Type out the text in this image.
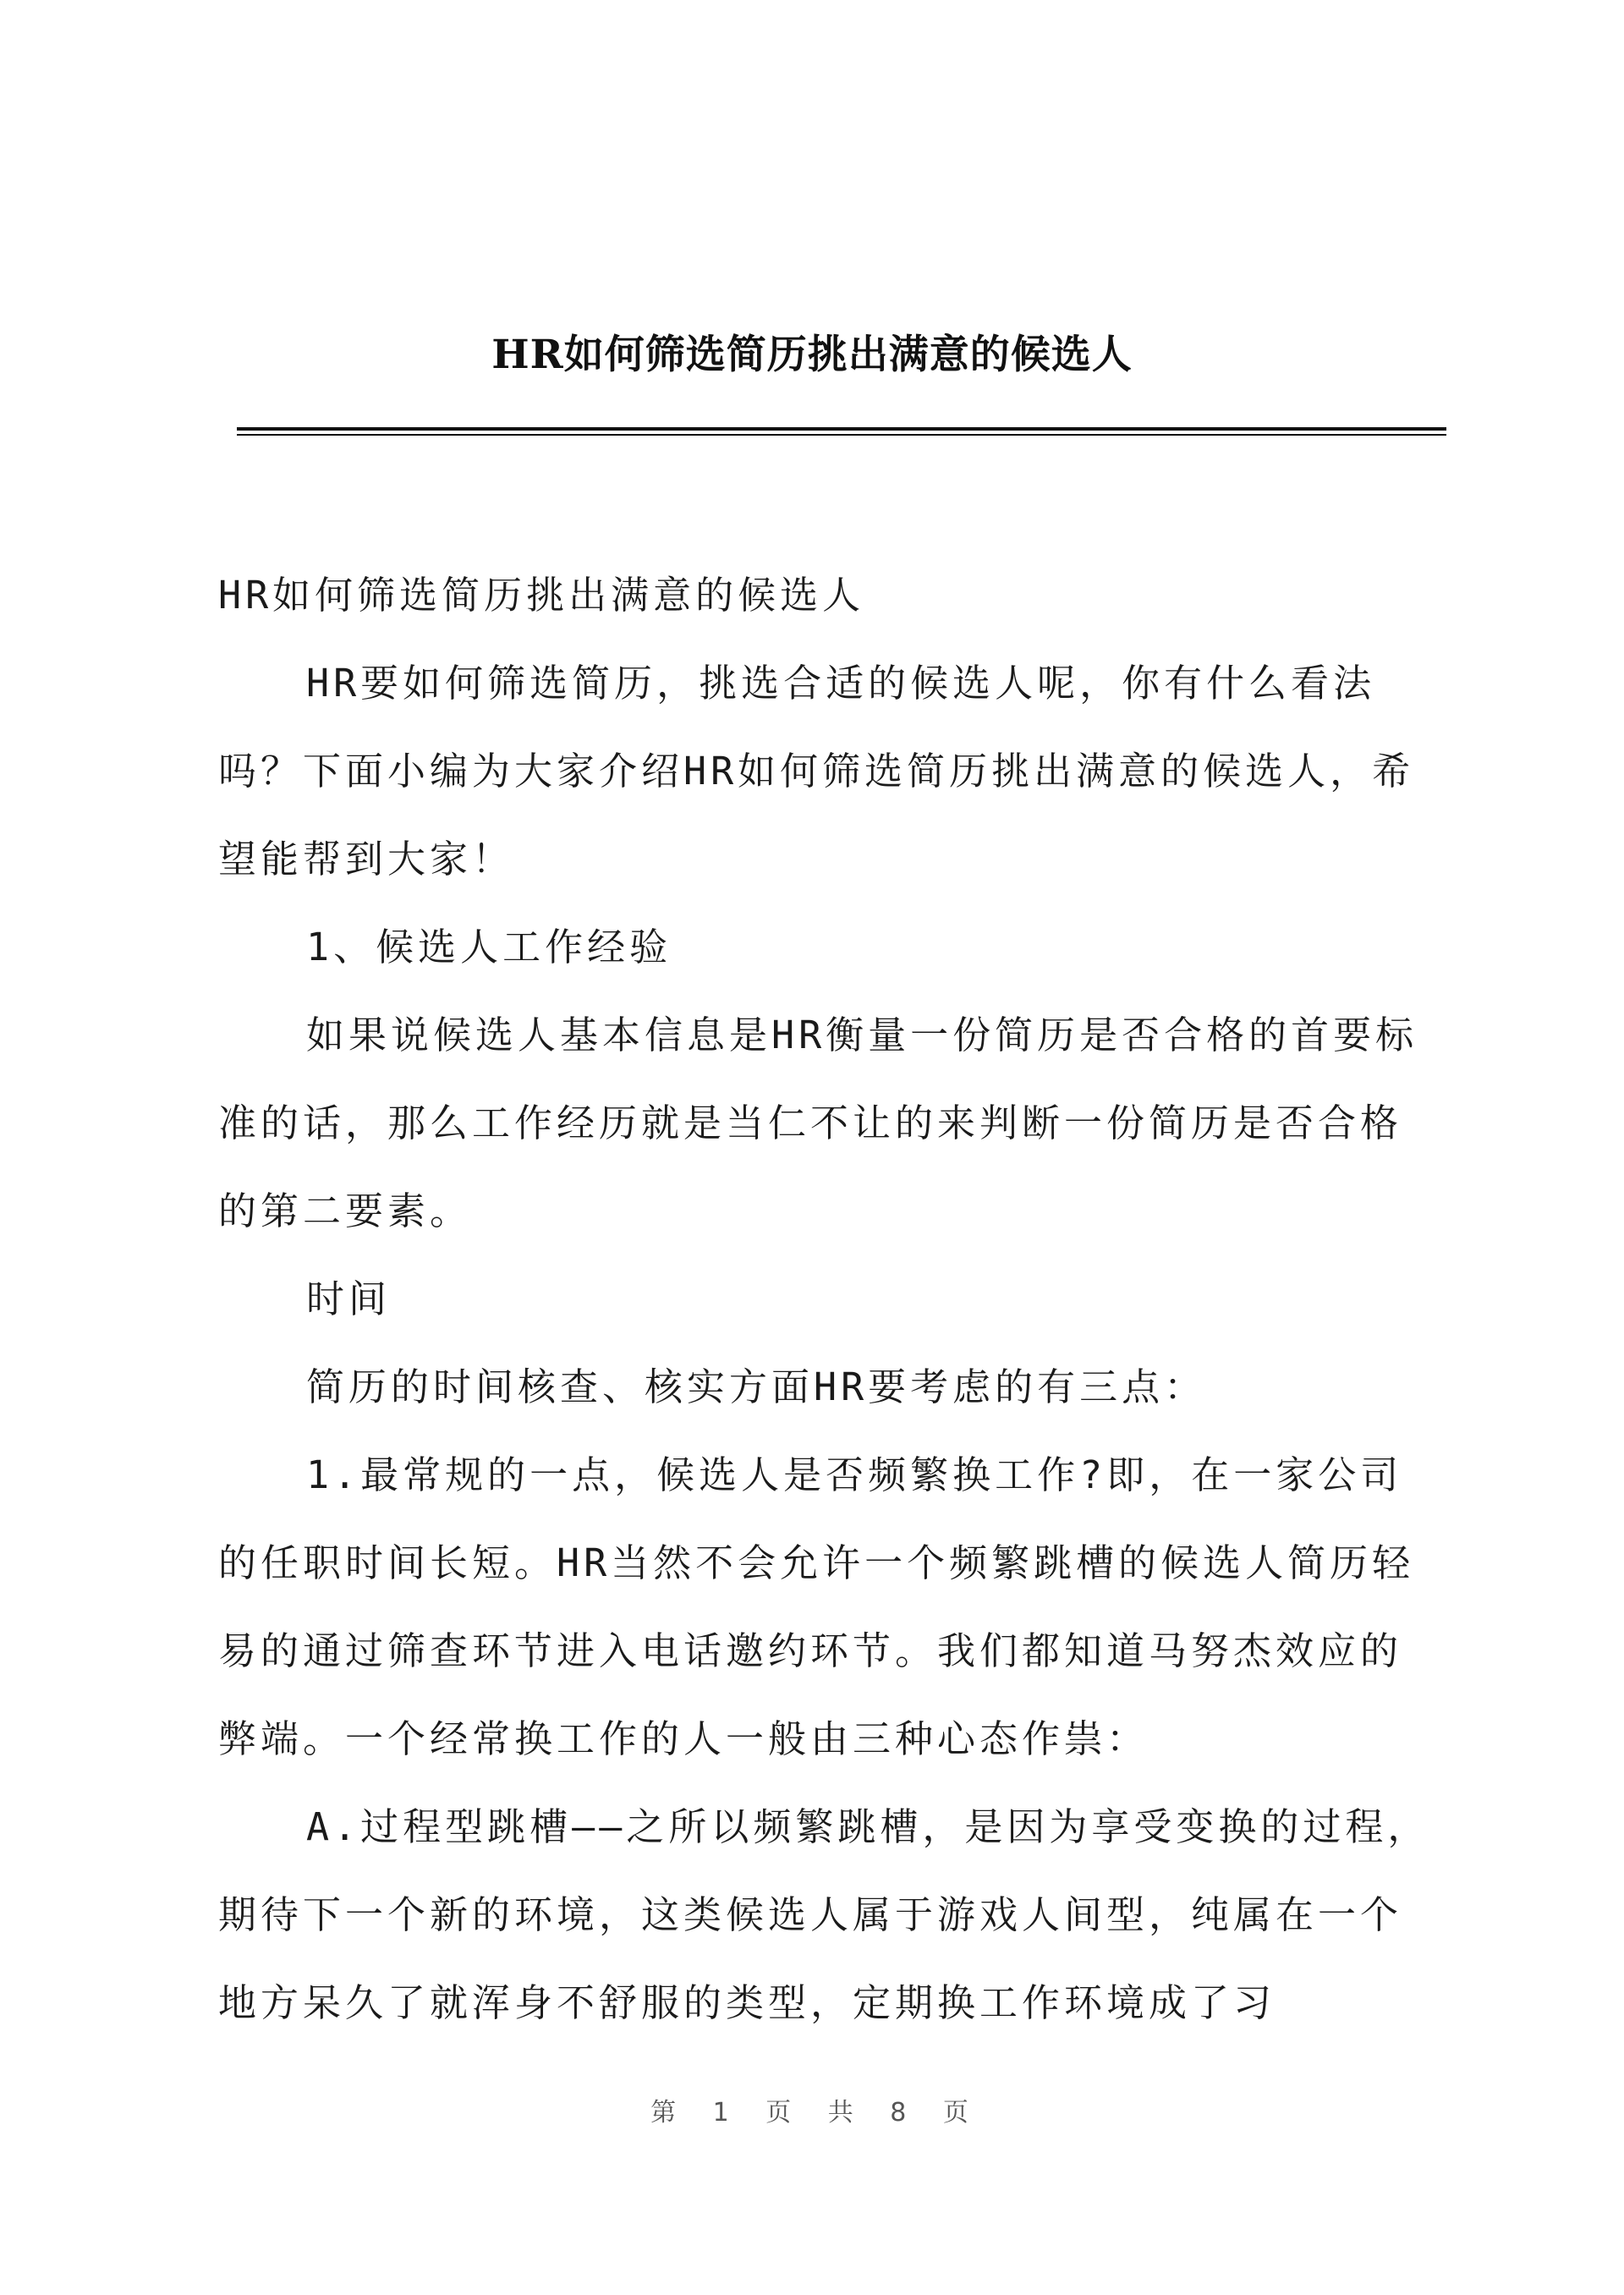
HR如何筛选简历挑出满意的候选人

HR如何筛选简历挑出满意的候选人

HR要如何筛选简历，挑选合适的候选人呢，你有什么看法吗？下面小编为大家介绍HR如何筛选简历挑出满意的候选人，希望能帮到大家！

1、候选人工作经验

如果说候选人基本信息是HR衡量一份简历是否合格的首要标准的话，那么工作经历就是当仁不让的来判断一份简历是否合格的第二要素。

时间

简历的时间核查、核实方面HR要考虑的有三点：

1.最常规的一点，候选人是否频繁换工作?即，在一家公司的任职时间长短。HR当然不会允许一个频繁跳槽的候选人简历轻易的通过筛查环节进入电话邀约环节。我们都知道马努杰效应的弊端。一个经常换工作的人一般由三种心态作祟：

A.过程型跳槽——之所以频繁跳槽，是因为享受变换的过程，期待下一个新的环境，这类候选人属于游戏人间型，纯属在一个地方呆久了就浑身不舒服的类型，定期换工作环境成了习

第 1 页 共 8 页
